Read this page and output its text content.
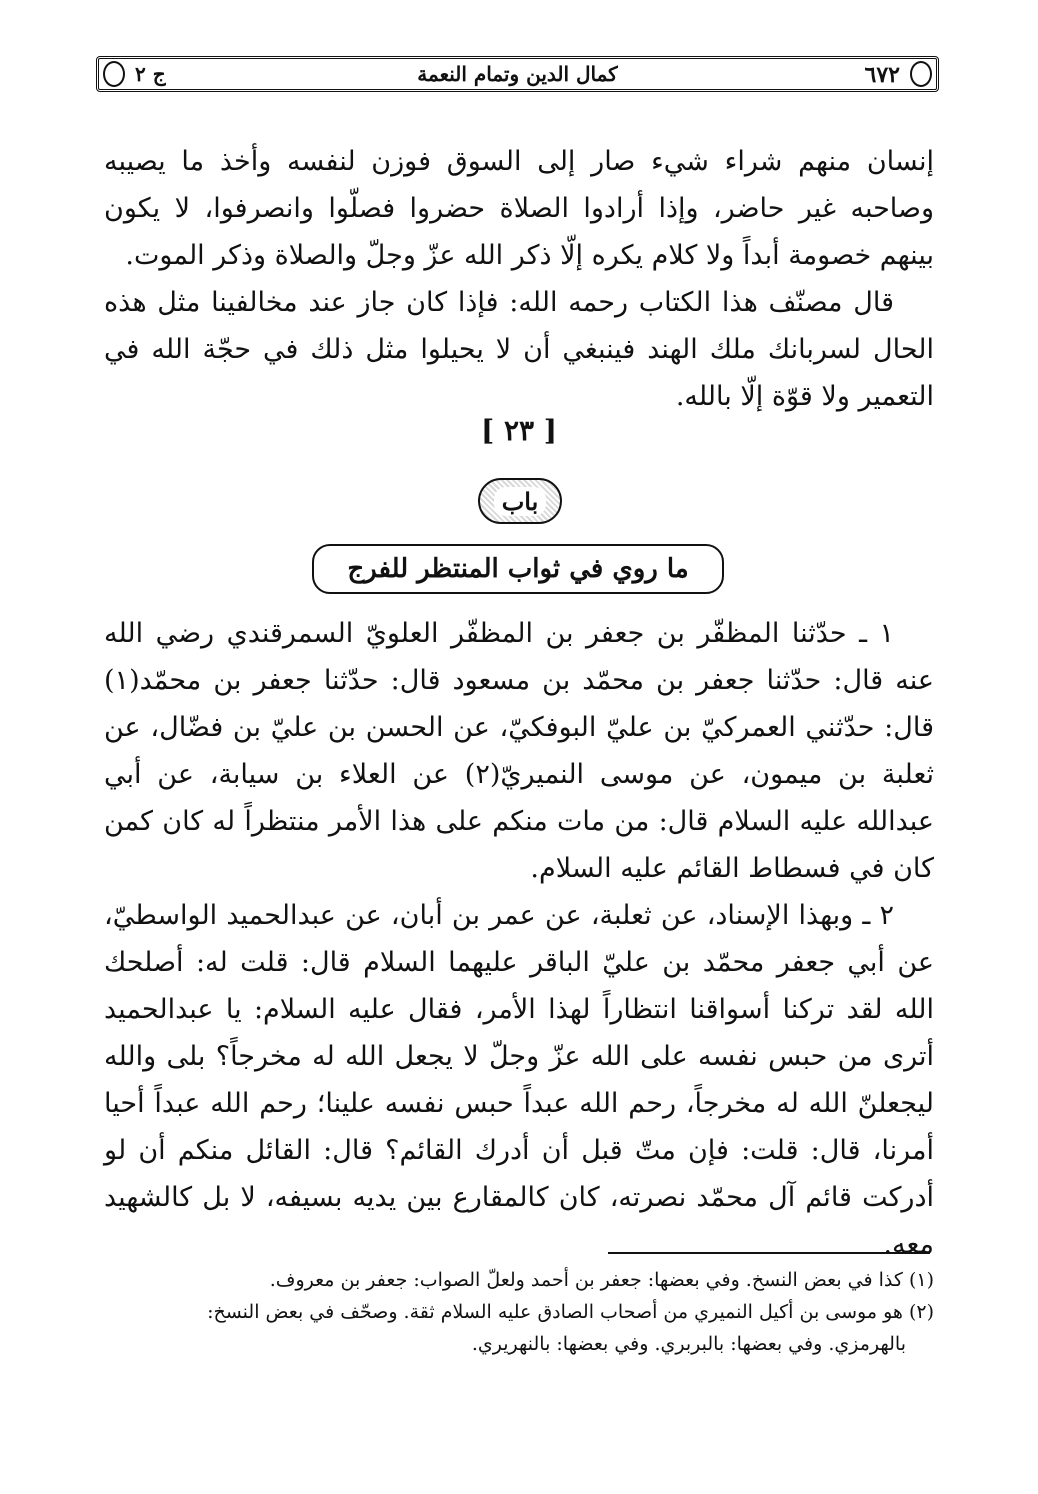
٦٧٢
كمال الدين وتمام النعمة
ج ٢

إنسان منهم شراء شيء صار إلى السوق فوزن لنفسه وأخذ ما يصيبه وصاحبه غير حاضر، وإذا أرادوا الصلاة حضروا فصلّوا وانصرفوا، لا يكون بينهم خصومة أبداً ولا كلام يكره إلّا ذكر الله عزّ وجلّ والصلاة وذكر الموت.

قال مصنّف هذا الكتاب رحمه الله: فإذا كان جاز عند مخالفينا مثل هذه الحال لسربانك ملك الهند فينبغي أن لا يحيلوا مثل ذلك في حجّة الله في التعمير ولا قوّة إلّا بالله.

[ ٢٣ ]
باب
ما روي في ثواب المنتظر للفرج

١ ـ حدّثنا المظفّر بن جعفر بن المظفّر العلويّ السمرقندي رضي الله عنه قال: حدّثنا جعفر بن محمّد بن مسعود قال: حدّثنا جعفر بن محمّد(١) قال: حدّثني العمركيّ بن عليّ البوفكيّ، عن الحسن بن عليّ بن فضّال، عن ثعلبة بن ميمون، عن موسى النميريّ(٢) عن العلاء بن سيابة، عن أبي عبدالله عليه السلام قال: من مات منكم على هذا الأمر منتظراً له كان كمن كان في فسطاط القائم عليه السلام.

٢ ـ وبهذا الإسناد، عن ثعلبة، عن عمر بن أبان، عن عبدالحميد الواسطيّ، عن أبي جعفر محمّد بن عليّ الباقر عليهما السلام قال: قلت له: أصلحك الله لقد تركنا أسواقنا انتظاراً لهذا الأمر، فقال عليه السلام: يا عبدالحميد أترى من حبس نفسه على الله عزّ وجلّ لا يجعل الله له مخرجاً؟ بلى والله ليجعلنّ الله له مخرجاً، رحم الله عبداً حبس نفسه علينا؛ رحم الله عبداً أحيا أمرنا، قال: قلت: فإن متّ قبل أن أدرك القائم؟ قال: القائل منكم أن لو أدركت قائم آل محمّد نصرته، كان كالمقارع بين يديه بسيفه، لا بل كالشهيد معه.

(١) كذا في بعض النسخ. وفي بعضها: جعفر بن أحمد ولعلّ الصواب: جعفر بن معروف.

(٢) هو موسى بن أكيل النميري من أصحاب الصادق عليه السلام ثقة. وصحّف في بعض النسخ:

بالهرمزي. وفي بعضها: بالبربري. وفي بعضها: بالنهريري.
